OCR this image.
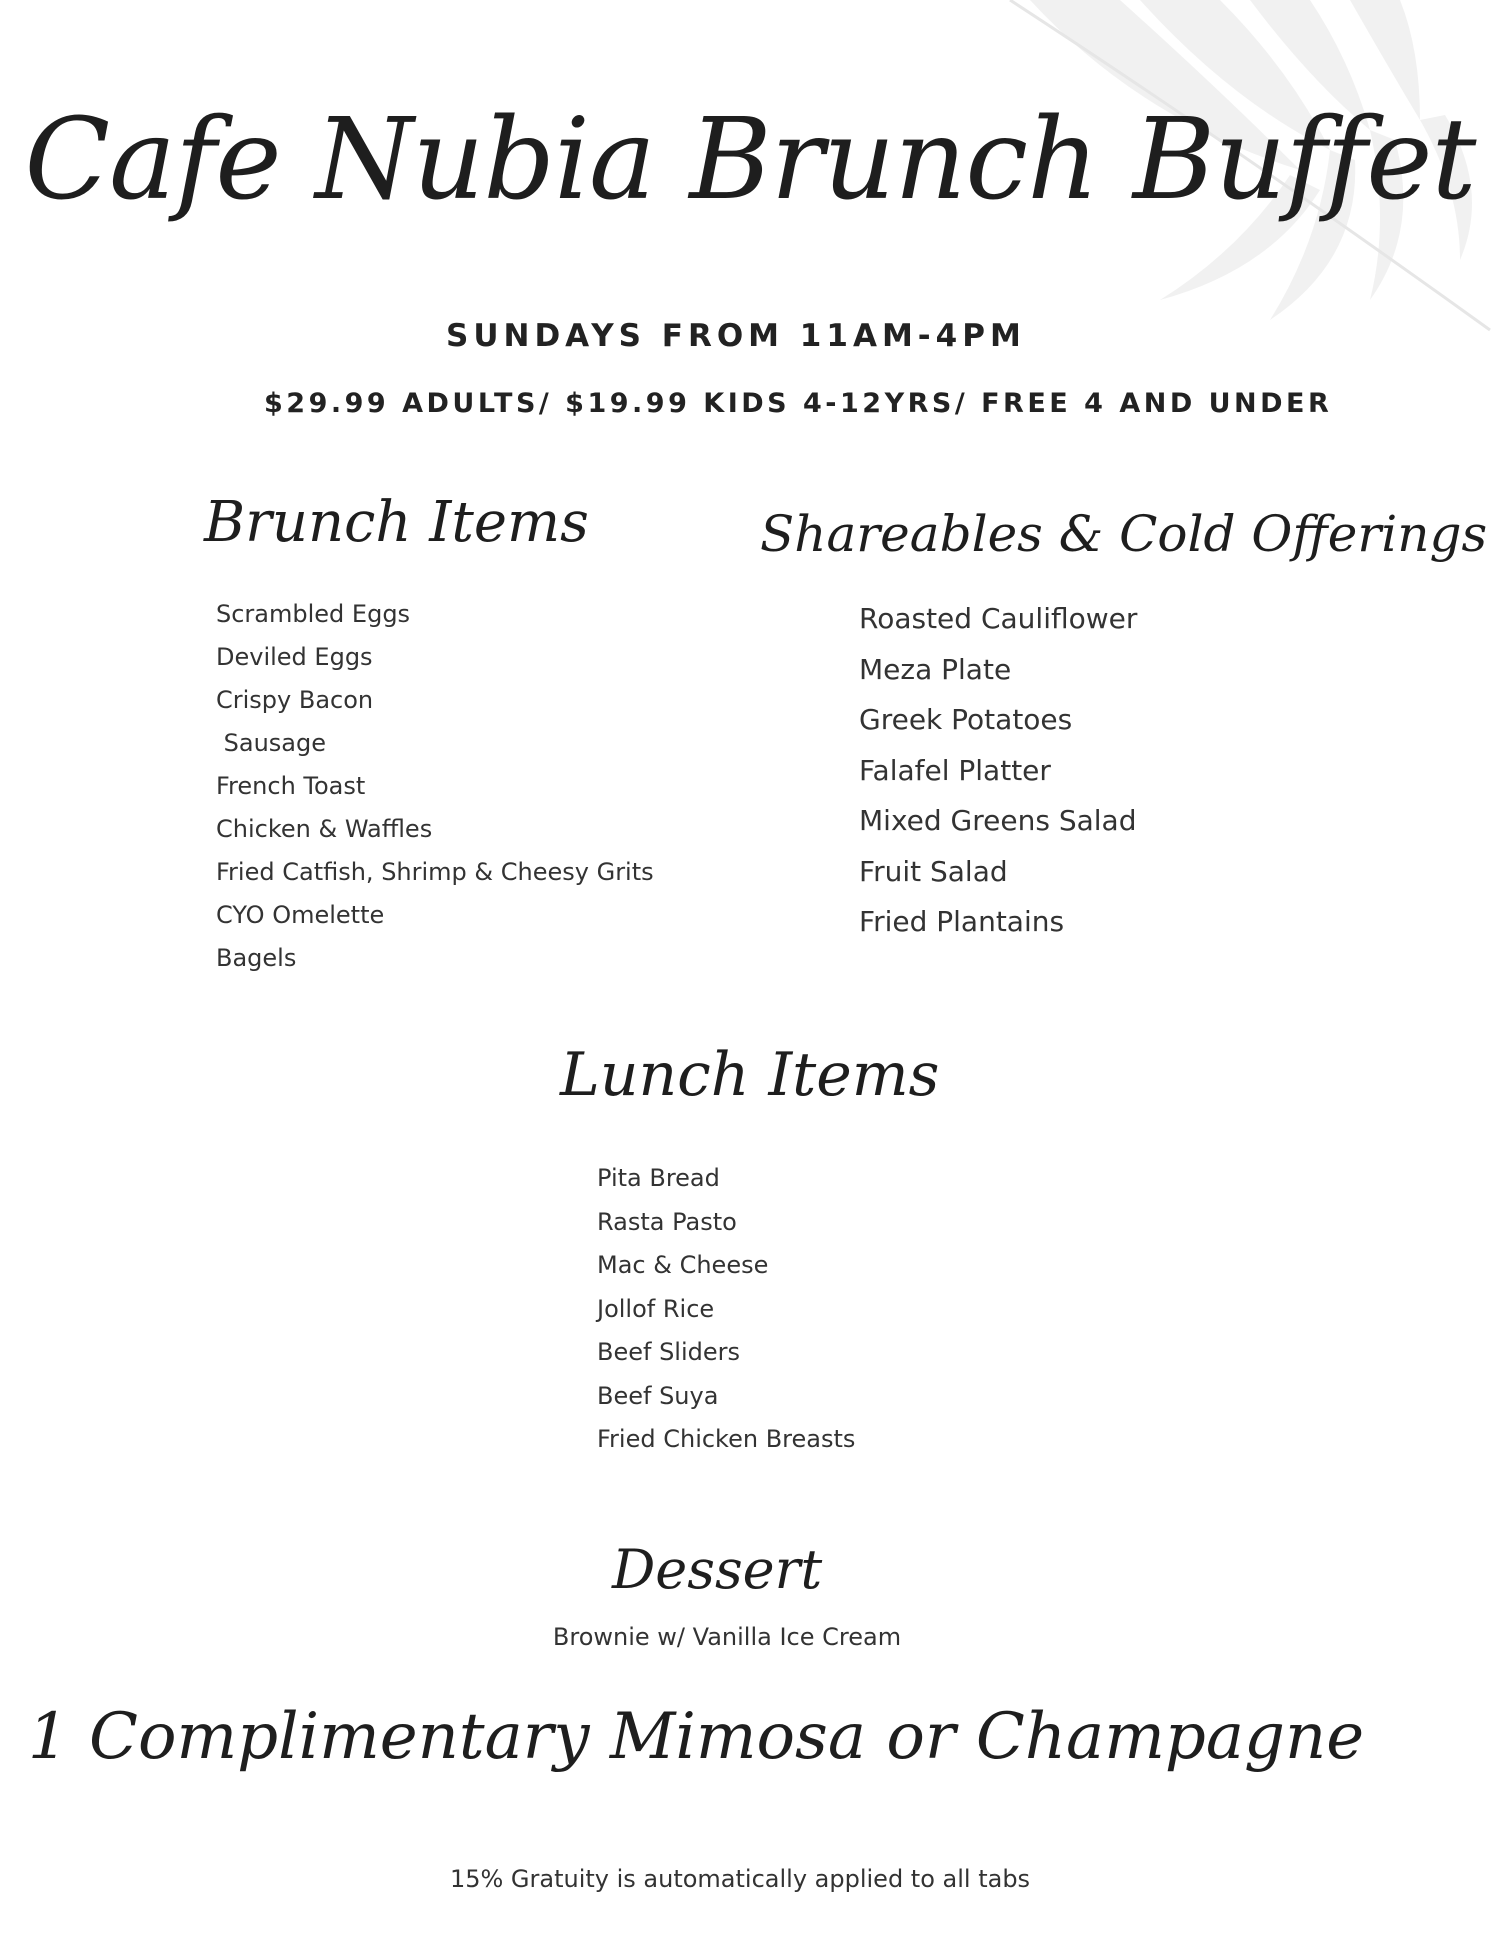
Cafe Nubia Brunch Buffet

SUNDAYS FROM 11AM-4PM

$29.99 ADULTS/ $19.99 KIDS 4-12YRS/ FREE 4 AND UNDER

Brunch Items
Scrambled Eggs
Deviled Eggs
Crispy Bacon
Sausage
French Toast
Chicken & Waffles
Fried Catfish, Shrimp & Cheesy Grits
CYO Omelette
Bagels
Shareables & Cold Offerings
Roasted Cauliflower
Meza Plate
Greek Potatoes
Falafel Platter
Mixed Greens Salad
Fruit Salad
Fried Plantains
Lunch Items
Pita Bread
Rasta Pasto
Mac & Cheese
Jollof Rice
Beef Sliders
Beef Suya
Fried Chicken Breasts
Dessert

Brownie w/ Vanilla Ice Cream

1 Complimentary Mimosa or Champagne

15% Gratuity is automatically applied to all tabs
